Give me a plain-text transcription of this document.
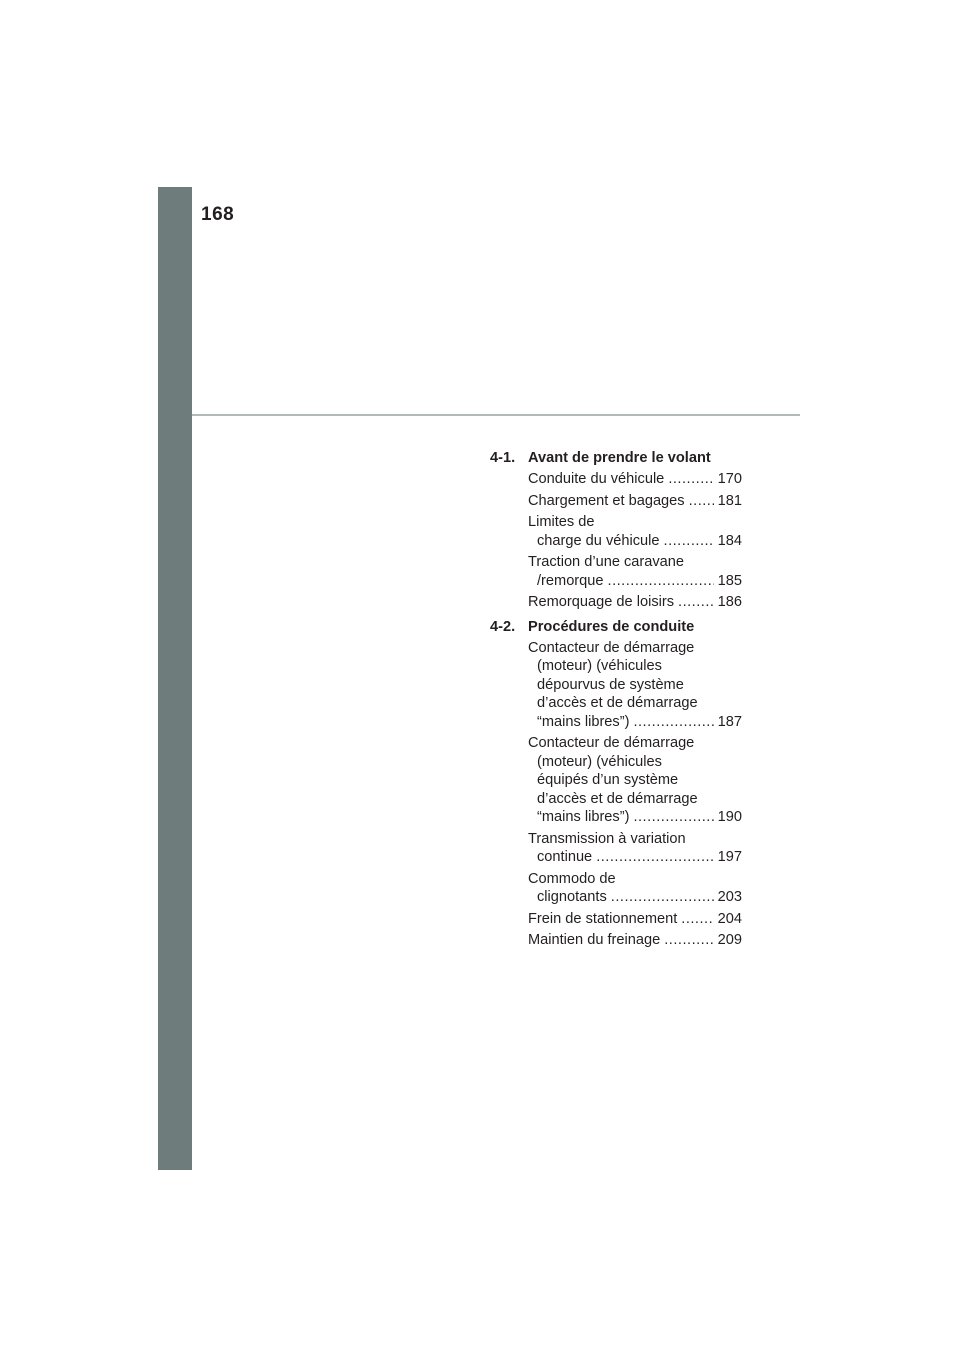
168

4-1. Avant de prendre le volant
Conduite du véhicule .....	170
Chargement et bagages ..... 181
Limites de
charge du véhicule .....	184
Traction d’une caravane
/remorque .....	185
Remorquage de loisirs .....	186
4-2. Procédures de conduite
Contacteur de démarrage
(moteur) (véhicules
dépourvus de système
d’accès et de démarrage
“mains libres”) .....	187
Contacteur de démarrage
(moteur) (véhicules
équipés d’un système
d’accès et de démarrage
“mains libres”) .....	190
Transmission à variation
continue .....	197
Commodo de
clignotants .....	203
Frein de stationnement .....	204
Maintien du freinage .....	209
